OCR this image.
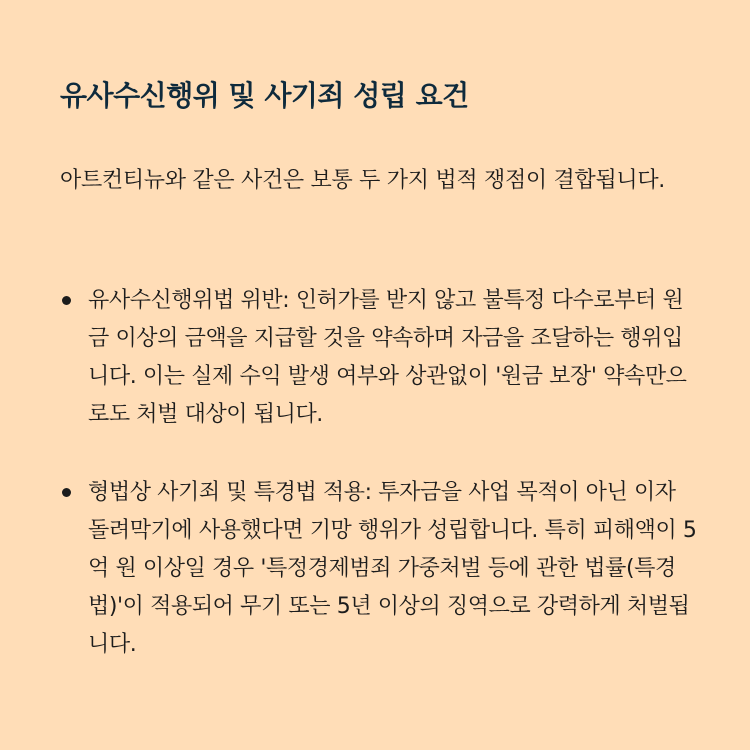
유사수신행위 및 사기죄 성립 요건

아트컨티뉴와 같은 사건은 보통 두 가지 법적 쟁점이 결합됩니다.

유사수신행위법 위반: 인허가를 받지 않고 불특정 다수로부터 원금 이상의 금액을 지급할 것을 약속하며 자금을 조달하는 행위입니다. 이는 실제 수익 발생 여부와 상관없이 '원금 보장' 약속만으로도 처벌 대상이 됩니다.
형법상 사기죄 및 특경법 적용: 투자금을 사업 목적이 아닌 이자 돌려막기에 사용했다면 기망 행위가 성립합니다. 특히 피해액이 5억 원 이상일 경우 '특정경제범죄 가중처벌 등에 관한 법률(특경법)'이 적용되어 무기 또는 5년 이상의 징역으로 강력하게 처벌됩니다.
